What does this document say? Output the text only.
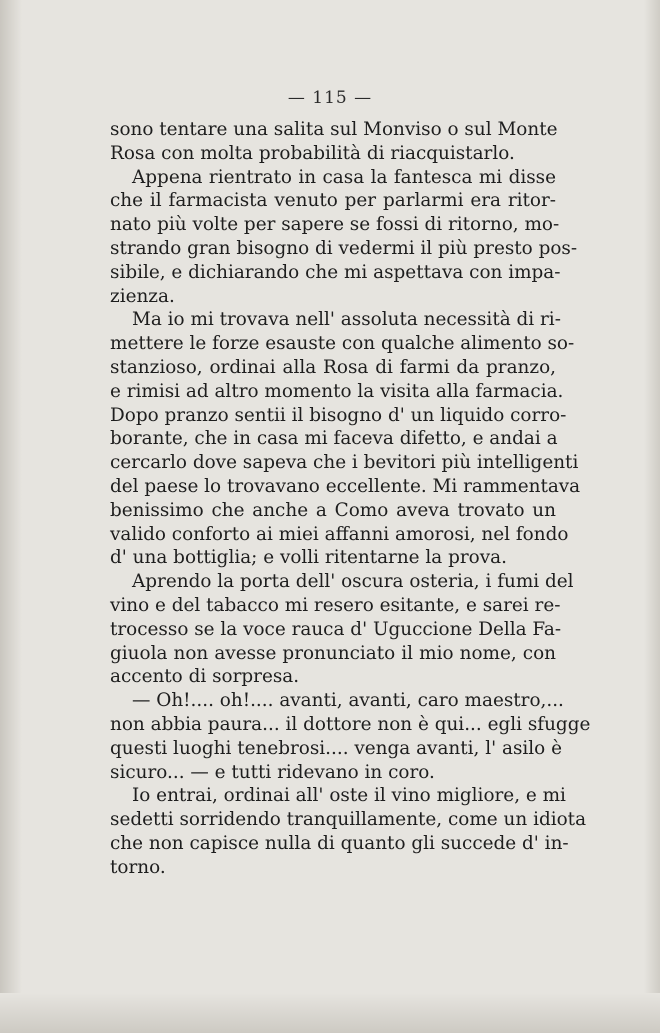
— 115 —
sono tentare una salita sul Monviso o sul Monte
Rosa con molta probabilità di riacquistarlo.
Appena rientrato in casa la fantesca mi disse
che il farmacista venuto per parlarmi era ritor-
nato più volte per sapere se fossi di ritorno, mo-
strando gran bisogno di vedermi il più presto pos-
sibile, e dichiarando che mi aspettava con impa-
zienza.
Ma io mi trovava nell' assoluta necessità di ri-
mettere le forze esauste con qualche alimento so-
stanzioso, ordinai alla Rosa di farmi da pranzo,
e rimisi ad altro momento la visita alla farmacia.
Dopo pranzo sentii il bisogno d' un liquido corro-
borante, che in casa mi faceva difetto, e andai a
cercarlo dove sapeva che i bevitori più intelligenti
del paese lo trovavano eccellente. Mi rammentava
benissimo che anche a Como aveva trovato un
valido conforto ai miei affanni amorosi, nel fondo
d' una bottiglia; e volli ritentarne la prova.
Aprendo la porta dell' oscura osteria, i fumi del
vino e del tabacco mi resero esitante, e sarei re-
trocesso se la voce rauca d' Uguccione Della Fa-
giuola non avesse pronunciato il mio nome, con
accento di sorpresa.
— Oh!.... oh!.... avanti, avanti, caro maestro,...
non abbia paura... il dottore non è qui... egli sfugge
questi luoghi tenebrosi.... venga avanti, l' asilo è
sicuro... — e tutti ridevano in coro.
Io entrai, ordinai all' oste il vino migliore, e mi
sedetti sorridendo tranquillamente, come un idiota
che non capisce nulla di quanto gli succede d' in-
torno.
